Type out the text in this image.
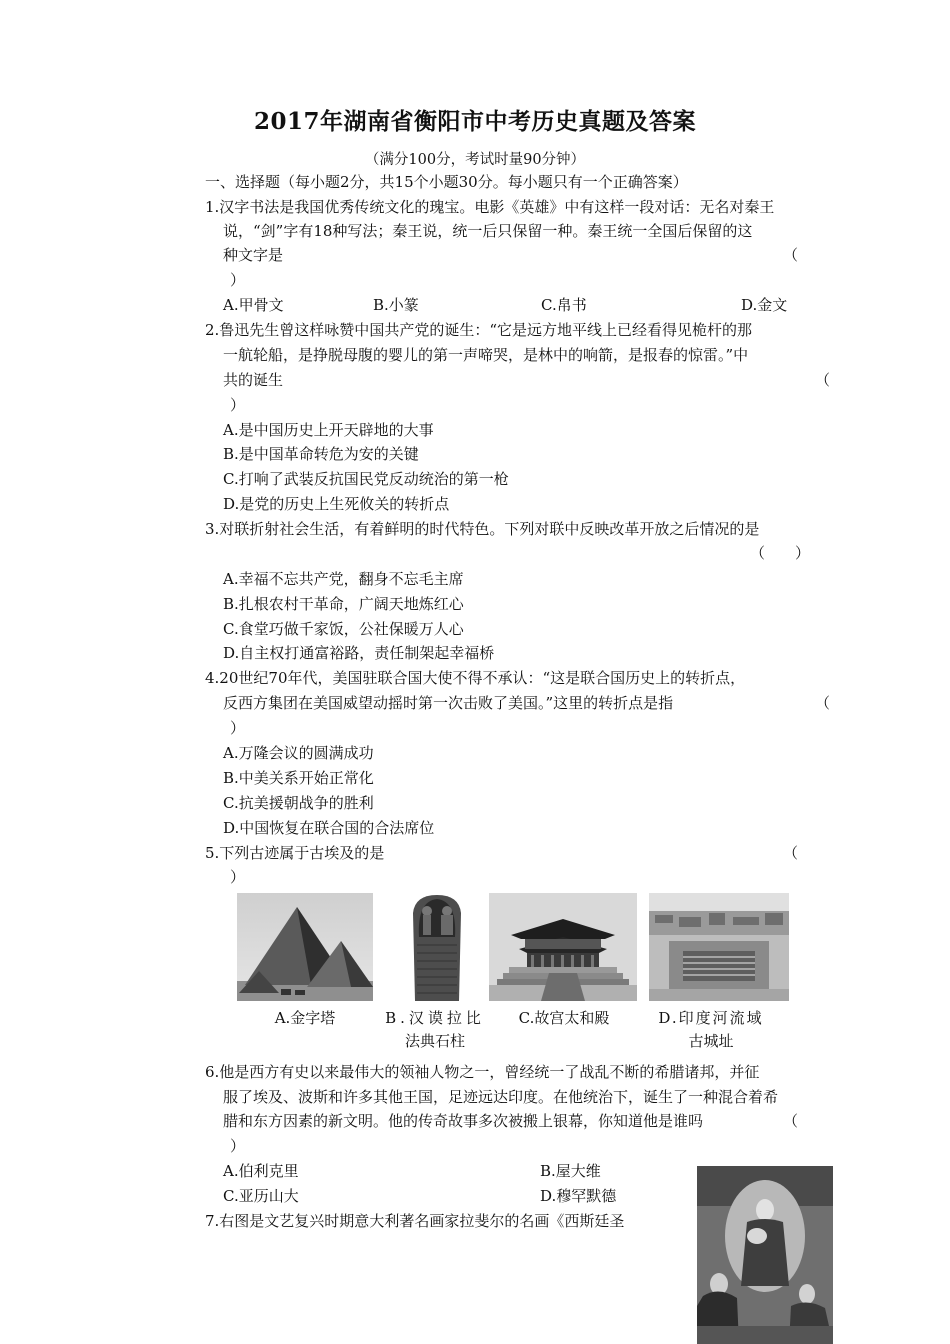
2017年湖南省衡阳市中考历史真题及答案
（满分100分，考试时量90分钟）
一、选择题（每小题2分，共15个小题30分。每小题只有一个正确答案）
1.汉字书法是我国优秀传统文化的瑰宝。电影《英雄》中有这样一段对话：无名对秦王
说，“剑”字有18种写法；秦王说，统一后只保留一种。秦王统一全国后保留的这
种文字是	（
）
A.甲骨文	B.小篆	C.帛书	D.金文
2.鲁迅先生曾这样咏赞中国共产党的诞生：“它是远方地平线上已经看得见桅杆的那
一航轮船，是挣脱母腹的婴儿的第一声啼哭，是林中的响箭，是报春的惊雷。”中
共的诞生	（
）
A.是中国历史上开天辟地的大事
B.是中国革命转危为安的关键
C.打响了武装反抗国民党反动统治的第一枪
D.是党的历史上生死攸关的转折点
3.对联折射社会生活，有着鲜明的时代特色。下列对联中反映改革开放之后情况的是
（　　）
A.幸福不忘共产党，翻身不忘毛主席
B.扎根农村干革命，广阔天地炼红心
C.食堂巧做千家饭，公社保暖万人心
D.自主权打通富裕路，责任制架起幸福桥
4.20世纪70年代，美国驻联合国大使不得不承认：“这是联合国历史上的转折点，
反西方集团在美国威望动摇时第一次击败了美国。”这里的转折点是指	（
）
A.万隆会议的圆满成功
B.中美关系开始正常化
C.抗美援朝战争的胜利
D.中国恢复在联合国的合法席位
5.下列古迹属于古埃及的是	（
）
A.金字塔	B.汉谟拉比
法典石柱
C.故宫太和殿	D.印度河流域
古城址
6.他是西方有史以来最伟大的领袖人物之一，曾经统一了战乱不断的希腊诸邦，并征
服了埃及、波斯和许多其他王国，足迹远达印度。在他统治下，诞生了一种混合着希
腊和东方因素的新文明。他的传奇故事多次被搬上银幕，你知道他是谁吗	（
）
A.伯利克里	B.屋大维
C.亚历山大	D.穆罕默德
7.右图是文艺复兴时期意大利著名画家拉斐尔的名画《西斯廷圣
